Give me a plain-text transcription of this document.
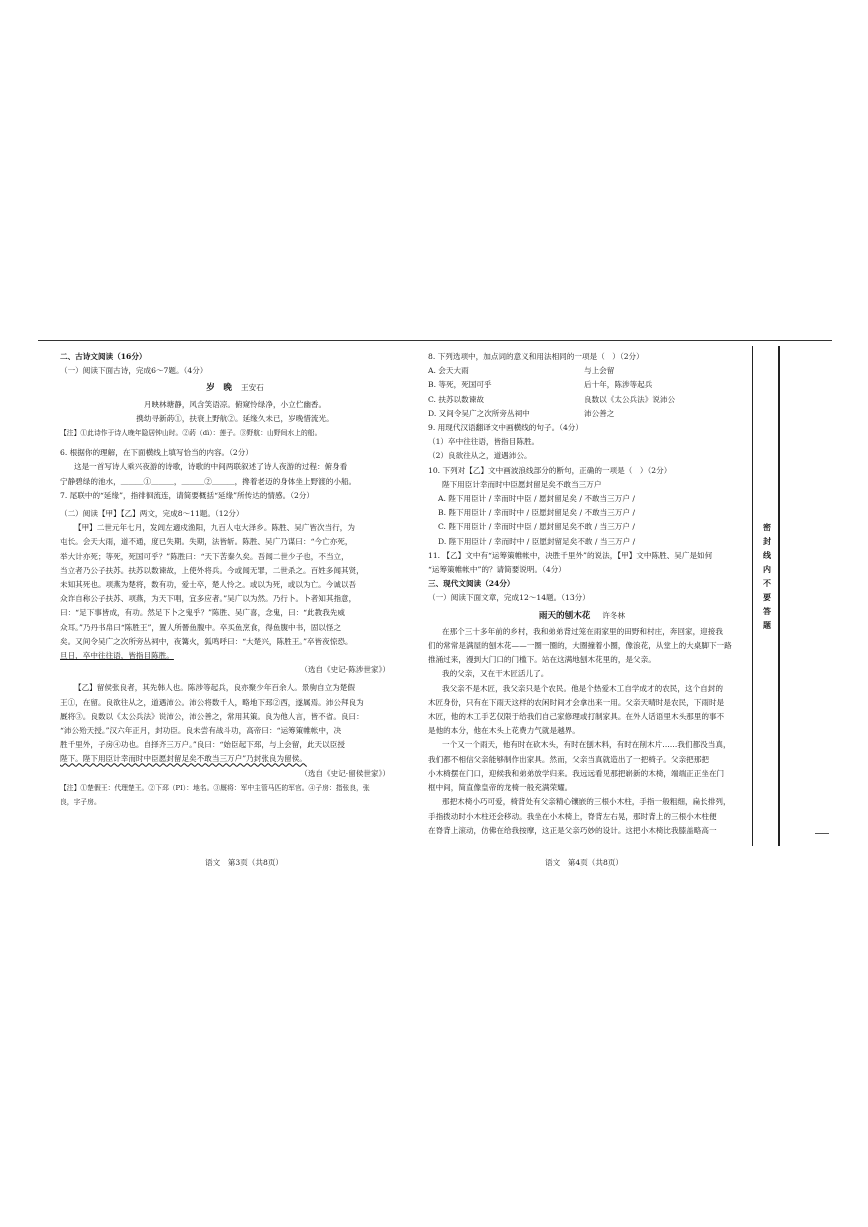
二、古诗文阅读（16分）
（一）阅读下面古诗，完成6～7题。（4分）
岁　晚 王安石
月映林塘静，风含笑语凉。俯窥怜绿净，小立伫幽香。
携幼寻新菂①，扶衰上野航②。延缘久未已，岁晚惜流光。
【注】①此诗作于诗人晚年隐居钟山时。②菂（dì）：莲子。③野航：山野间水上的船。
6. 根据你的理解，在下面横线上填写恰当的内容。（2分）
这是一首写诗人乘兴夜游的诗歌，诗歌的中间两联叙述了诗人夜游的过程：俯身看
宁静碧绿的池水，＿＿＿①＿＿＿，＿＿＿②＿＿＿，搀着老迈的身体坐上野渡的小船。
7. 尾联中的“延缘”，指徘徊流连，请简要概括“延缘”所传达的情感。（2分）
（二）阅读【甲】【乙】两文，完成8～11题。（12分）
【甲】二世元年七月，发闾左適戍渔阳，九百人屯大泽乡。陈胜、吴广皆次当行，为
屯长。会天大雨，道不通，度已失期。失期，法皆斩。陈胜、吴广乃谋曰：“今亡亦死，
举大计亦死；等死，死国可乎？”陈胜曰：“天下苦秦久矣。吾闻二世少子也，不当立，
当立者乃公子扶苏。扶苏以数谏故，上使外将兵。今或闻无罪，二世杀之。百姓多闻其贤，
未知其死也。项燕为楚将，数有功，爱士卒，楚人怜之。或以为死，或以为亡。今诚以吾
众诈自称公子扶苏、项燕，为天下唱，宜多应者。”吴广以为然。乃行卜。卜者知其指意，
曰：“足下事皆成，有功。然足下卜之鬼乎？”陈胜、吴广喜，念鬼，曰：“此教我先威
众耳。”乃丹书帛曰“陈胜王”，置人所罾鱼腹中。卒买鱼烹食，得鱼腹中书，固以怪之
矣。又间令吴广之次所旁丛祠中，夜篝火，狐鸣呼曰：“大楚兴，陈胜王。”卒皆夜惊恐。
旦日，卒中往往语，皆指目陈胜。
（选自《史记·陈涉世家》）
【乙】留侯张良者，其先韩人也。陈涉等起兵，良亦聚少年百余人。景驹自立为楚假
王①，在留。良欲往从之，道遇沛公。沛公将数千人，略地下邳②西，遂属焉。沛公拜良为
厩将③。良数以《太公兵法》说沛公，沛公善之，常用其策。良为他人言，皆不省。良曰：
“沛公殆天授。”汉六年正月，封功臣。良未尝有战斗功，高帝曰：“运筹策帷帐中，决
胜千里外，子房④功也。自择齐三万户。”良曰：“始臣起下邳，与上会留，此天以臣授
陛下。陛下用臣计幸而时中臣愿封留足矣不敢当三万户”乃封张良为留侯。
（选自《史记·留侯世家》）
【注】①楚假王：代理楚王。②下邳（PI）：地名。③厩将：军中主管马匹的军官。④子房：指张良，张
良，字子房。
8. 下列选项中，加点词的意义和用法相同的一项是（　）（2分）
A. 会天大雨	与上会留
B. 等死，死国可乎	后十年，陈涉等起兵
C. 扶苏以数谏故	良数以《太公兵法》说沛公
D. 又间令吴广之次所旁丛祠中	沛公善之
9. 用现代汉语翻译文中画横线的句子。（4分）
（1）卒中往往语，皆指目陈胜。
（2）良欲往从之，道遇沛公。
10. 下列对【乙】文中画波浪线部分的断句，正确的一项是（　）（2分）
陛下用臣计幸而时中臣愿封留足矣不敢当三万户
A. 陛下用臣计 / 幸而时中臣 / 愿封留足矣 / 不敢当三万户 /
B. 陛下用臣计 / 幸而时中 / 臣愿封留足矣 / 不敢当三万户 /
C. 陛下用臣计 / 幸而时中臣 / 愿封留足矣不敢 / 当三万户 /
D. 陛下用臣计 / 幸而时中 / 臣愿封留足矣不敢 / 当三万户 /
11. 【乙】文中有“运筹策帷帐中，决胜千里外”的说法，【甲】文中陈胜、吴广是如何
“运筹策帷帐中”的？请简要说明。（4分）
三、现代文阅读（24分）
（一）阅读下面文章，完成12～14题。（13分）
雨天的刨木花 许冬林
在那个三十多年前的乡村，我和弟弟背过笼在雨家里的田野和村庄，奔回家，迎接我
们的常常是满屋的刨木花——一圈一圈的，大圈撞着小圈，像浪花，从堂上的大桌脚下一路
推涌过来，漫到大门口的门槛下。站在这满地刨木花里的，是父亲。
我的父亲，又在干木匠活儿了。
我父亲不是木匠，我父亲只是个农民。他是个热爱木工自学成才的农民，这个自封的
木匠身份，只有在下雨天这样的农闲时间才会拿出来一用。父亲天晴时是农民，下雨时是
木匠，他的木工手艺仅限于给我们自己家修理或打制家具。在外人话语里木头那里的事不
是他的本分，他在木头上花费力气就是越界。
一个又一个雨天，他有时在砍木头，有时在刨木料，有时在削木片……我们都没当真，
我们都不相信父亲能够制作出家具。然而，父亲当真就造出了一把椅子。父亲把那把
小木椅摆在门口，迎候我和弟弟放学归来。我远远看见那把崭新的木椅，端端正正坐在门
框中间，简直像皇帝的龙椅一般充满荣耀。
那把木椅小巧可爱，椅背处有父亲精心镶嵌的三根小木柱，手指一般粗细，扁长排列，
手指拨动时小木柱还会移动。我坐在小木椅上，脊背左右晃，那时背上的三根小木柱便
在脊背上滚动，仿佛在给我按摩，这正是父亲巧妙的设计。这把小木椅比我膝盖略高一
密
封
线
内
不
要
答
题
语文　第3页（共8页）	语文　第4页（共8页）
